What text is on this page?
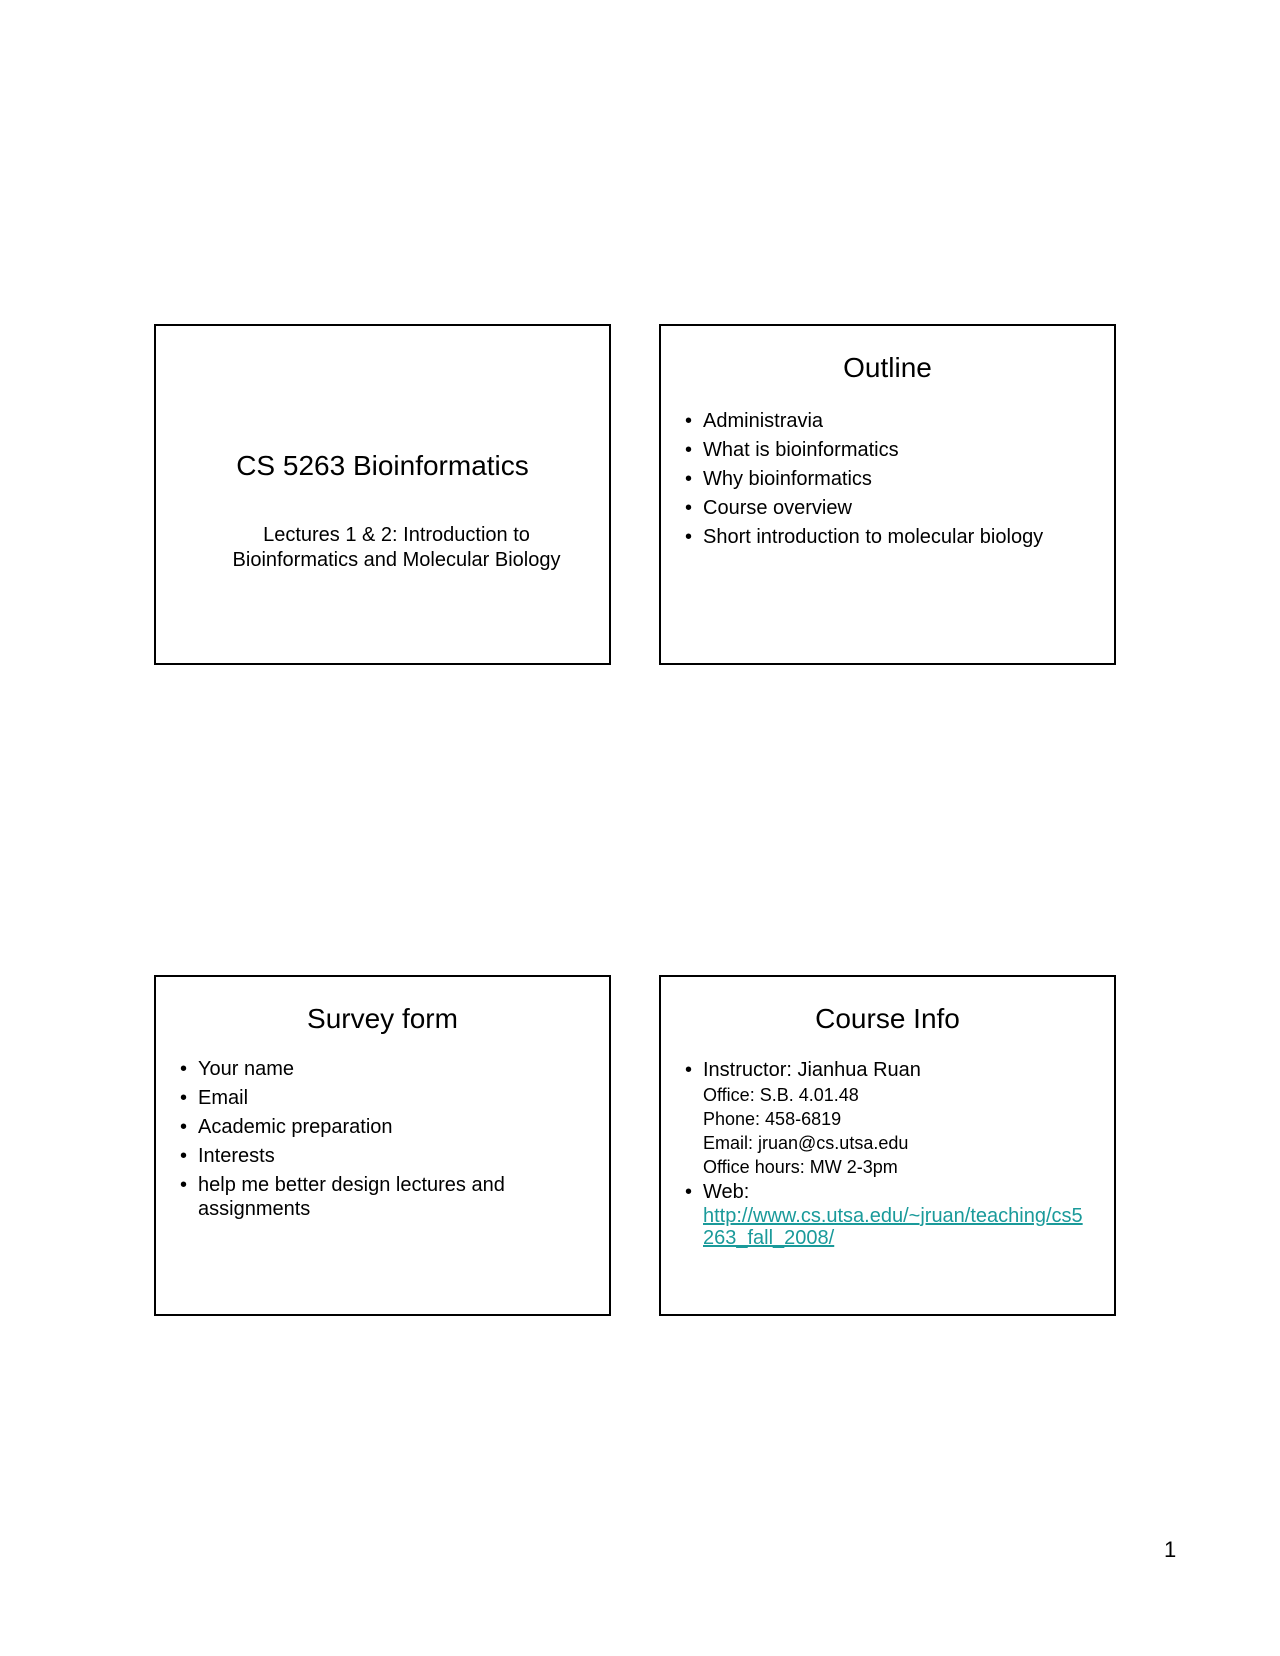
CS 5263 Bioinformatics
Lectures 1 & 2: Introduction to
Bioinformatics and Molecular Biology
Outline
• Administravia
• What is bioinformatics
• Why bioinformatics
• Course overview
• Short introduction to molecular biology
Survey form
• Your name
• Email
• Academic preparation
• Interests
• help me better design lectures and assignments
Course Info
• Instructor: Jianhua Ruan
Office: S.B. 4.01.48
Phone: 458-6819
Email: jruan@cs.utsa.edu
Office hours: MW 2-3pm
• Web:
http://www.cs.utsa.edu/~jruan/teaching/cs5263_fall_2008/
1
